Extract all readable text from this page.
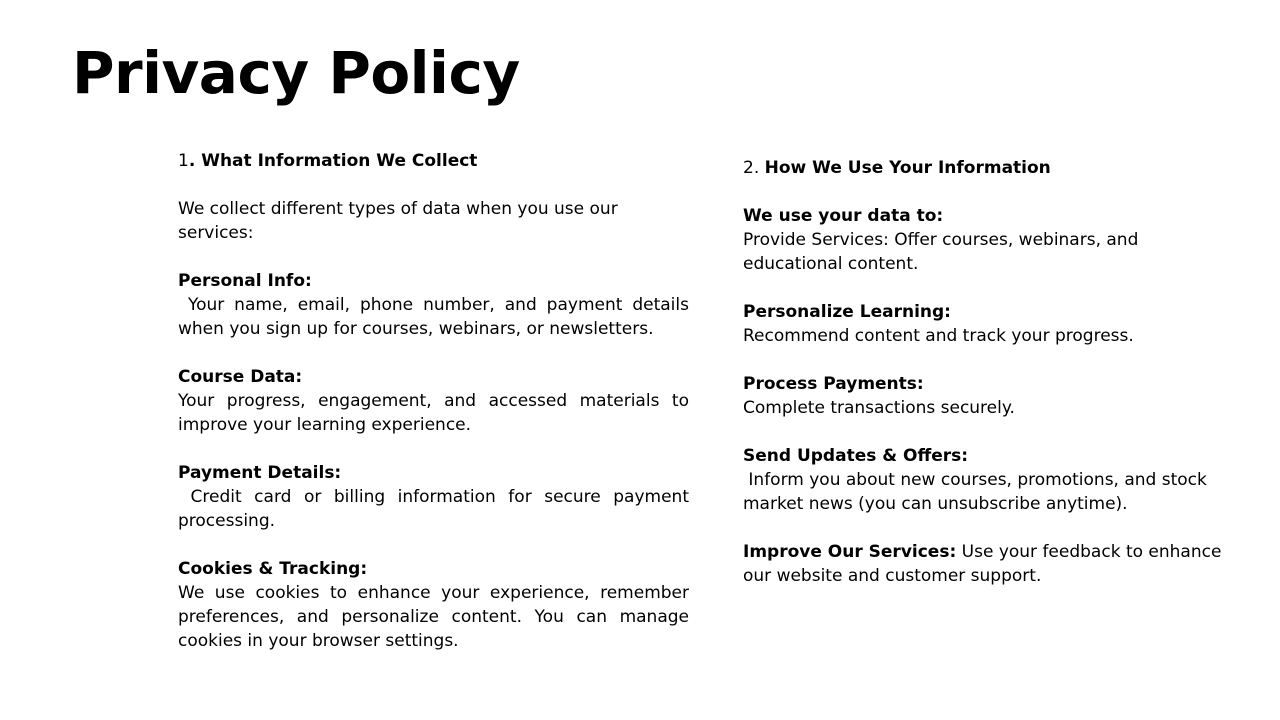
Privacy Policy

1. What Information We Collect

We collect different types of data when you use our services:

Personal Info:

Your name, email, phone number, and payment details when you sign up for courses, webinars, or newsletters.

Course Data:

Your progress, engagement, and accessed materials to improve your learning experience.

Payment Details:

Credit card or billing information for secure payment processing.

Cookies & Tracking:

We use cookies to enhance your experience, remember preferences, and personalize content. You can manage cookies in your browser settings.

2. How We Use Your Information

We use your data to:

Provide Services: Offer courses, webinars, and educational content.

Personalize Learning:

Recommend content and track your progress.

Process Payments:

Complete transactions securely.

Send Updates & Offers:

Inform you about new courses, promotions, and stock market news (you can unsubscribe anytime).

Improve Our Services: Use your feedback to enhance our website and customer support.
